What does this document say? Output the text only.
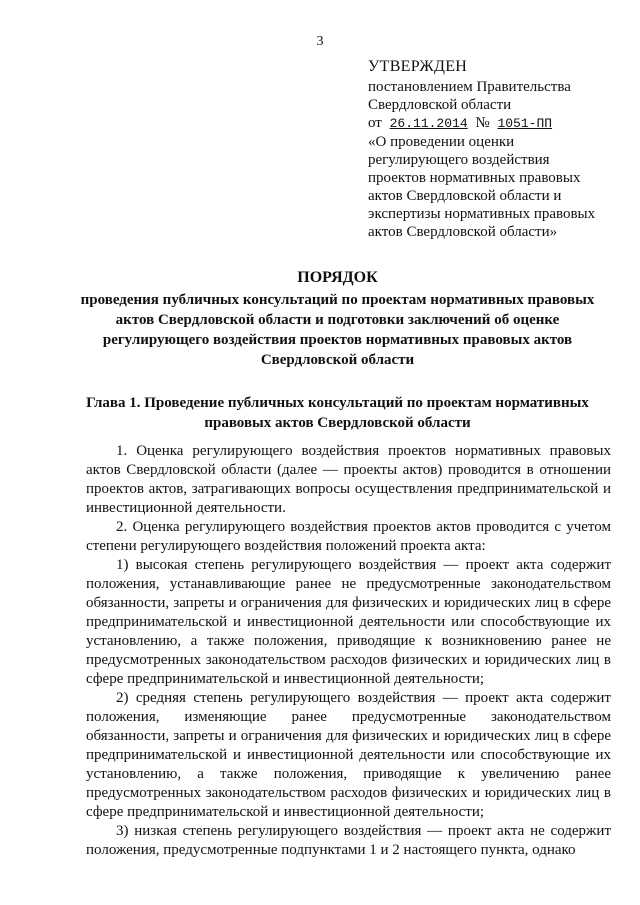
3
УТВЕРЖДЕН
постановлением Правительства
Свердловской области
от 26.11.2014 № 1051-ПП
«О проведении оценки
регулирующего воздействия
проектов нормативных правовых
актов Свердловской области и
экспертизы нормативных правовых
актов Свердловской области»
ПОРЯДОК
проведения публичных консультаций по проектам нормативных правовых актов Свердловской области и подготовки заключений об оценке регулирующего воздействия проектов нормативных правовых актов Свердловской области
Глава 1. Проведение публичных консультаций по проектам нормативных правовых актов Свердловской области

1. Оценка регулирующего воздействия проектов нормативных правовых актов Свердловской области (далее — проекты актов) проводится в отношении проектов актов, затрагивающих вопросы осуществления предпринимательской и инвестиционной деятельности.

2. Оценка регулирующего воздействия проектов актов проводится с учетом степени регулирующего воздействия положений проекта акта:

1) высокая степень регулирующего воздействия — проект акта содержит положения, устанавливающие ранее не предусмотренные законодательством обязанности, запреты и ограничения для физических и юридических лиц в сфере предпринимательской и инвестиционной деятельности или способствующие их установлению, а также положения, приводящие к возникновению ранее не предусмотренных законодательством расходов физических и юридических лиц в сфере предпринимательской и инвестиционной деятельности;

2) средняя степень регулирующего воздействия — проект акта содержит положения, изменяющие ранее предусмотренные законодательством обязанности, запреты и ограничения для физических и юридических лиц в сфере предпринимательской и инвестиционной деятельности или способствующие их установлению, а также положения, приводящие к увеличению ранее предусмотренных законодательством расходов физических и юридических лиц в сфере предпринимательской и инвестиционной деятельности;

3) низкая степень регулирующего воздействия — проект акта не содержит положения, предусмотренные подпунктами 1 и 2 настоящего пункта, однако
